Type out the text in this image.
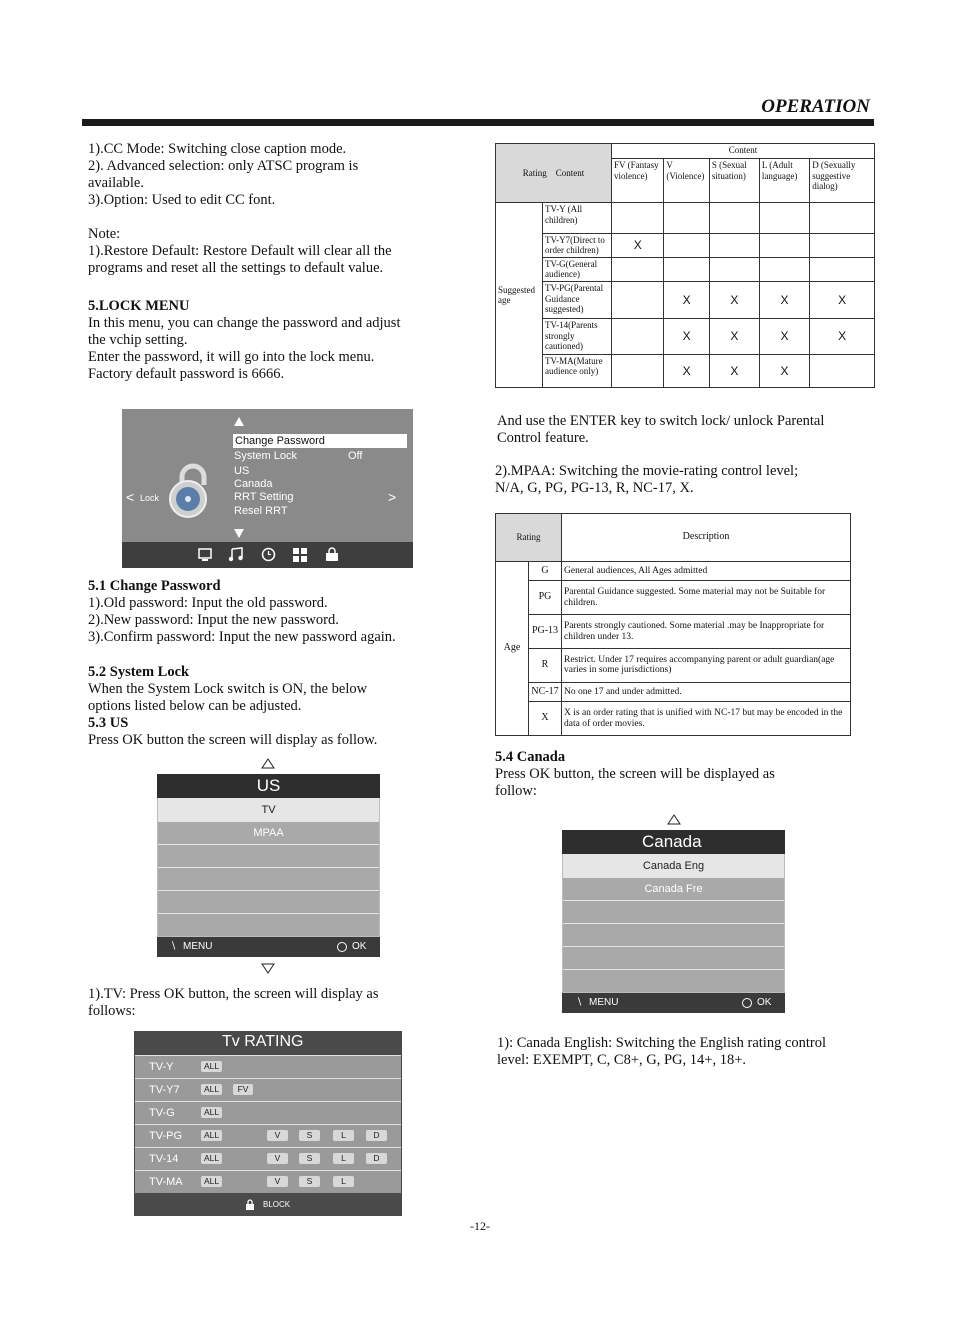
OPERATION
1).CC Mode: Switching close caption mode.
2). Advanced selection: only ATSC program is
available.
3).Option: Used to edit CC font.
Note:
1).Restore Default: Restore Default will clear all the
programs and reset all the settings to default value.
5.LOCK MENU
In this menu, you can change the password and adjust
the vchip setting.
Enter the password, it will go into the lock menu.
Factory default password is 6666.
Change Password
System Lock	Off
US
Canada
RRT Setting
Resel RRT
< Lock	>
5.1 Change Password
1).Old password: Input the old password.
2).New password: Input the new password.
3).Confirm password: Input the new password again.
5.2 System Lock
When the System Lock switch is ON, the below
options listed below can be adjusted.
5.3 US
Press OK button the screen will display as follow.
US
TV
MPAA
∖ MENU	OK
1).TV: Press OK button, the screen will display as
follows:
Tv RATING
TV-Y	ALL
TV-Y7	ALL	FV
TV-G	ALL
TV-PG	ALL	V	S	L	D
TV-14	ALL	V	S	L	D
TV-MA	ALL	V	S	L
BLOCK
Rating Content		Content				
		FV (Fantasy violence)	V (Violence)	S (Sexual situation)	L (Adult language)	D (Sexually suggestive dialog)
Suggested age	TV-Y (All children)					
	TV-Y7(Direct to order children)	X				
	TV-G(General audience)					
	TV-PG(Parental Guidance suggested)		X	X	X	X
	TV-14(Parents strongly cautioned)		X	X	X	X
	TV-MA(Mature audience only)		X	X	X	
And use the ENTER key to switch lock/ unlock Parental
Control feature.
2).MPAA: Switching the movie-rating control level;
N/A, G, PG, PG-13, R, NC-17, X.
Rating		Description
Age	G	General audiences, All Ages admitted
	PG	Parental Guidance suggested. Some material may not be Suitable for children.
	PG-13	Parents strongly cautioned. Some material .may be Inappropriate for children under 13.
	R	Restrict. Under 17 requires accompanying parent or adult guardian(age varies in some jurisdictions)
	NC-17	No one 17 and under admitted.
	X	X is an order rating that is unified with NC-17 but may be encoded in the data of order movies.
5.4 Canada
Press OK button, the screen will be displayed as
follow:
Canada
Canada Eng
Canada Fre
∖ MENU	OK
1): Canada English: Switching the English rating control
level: EXEMPT, C, C8+, G, PG, 14+, 18+.
-12-
